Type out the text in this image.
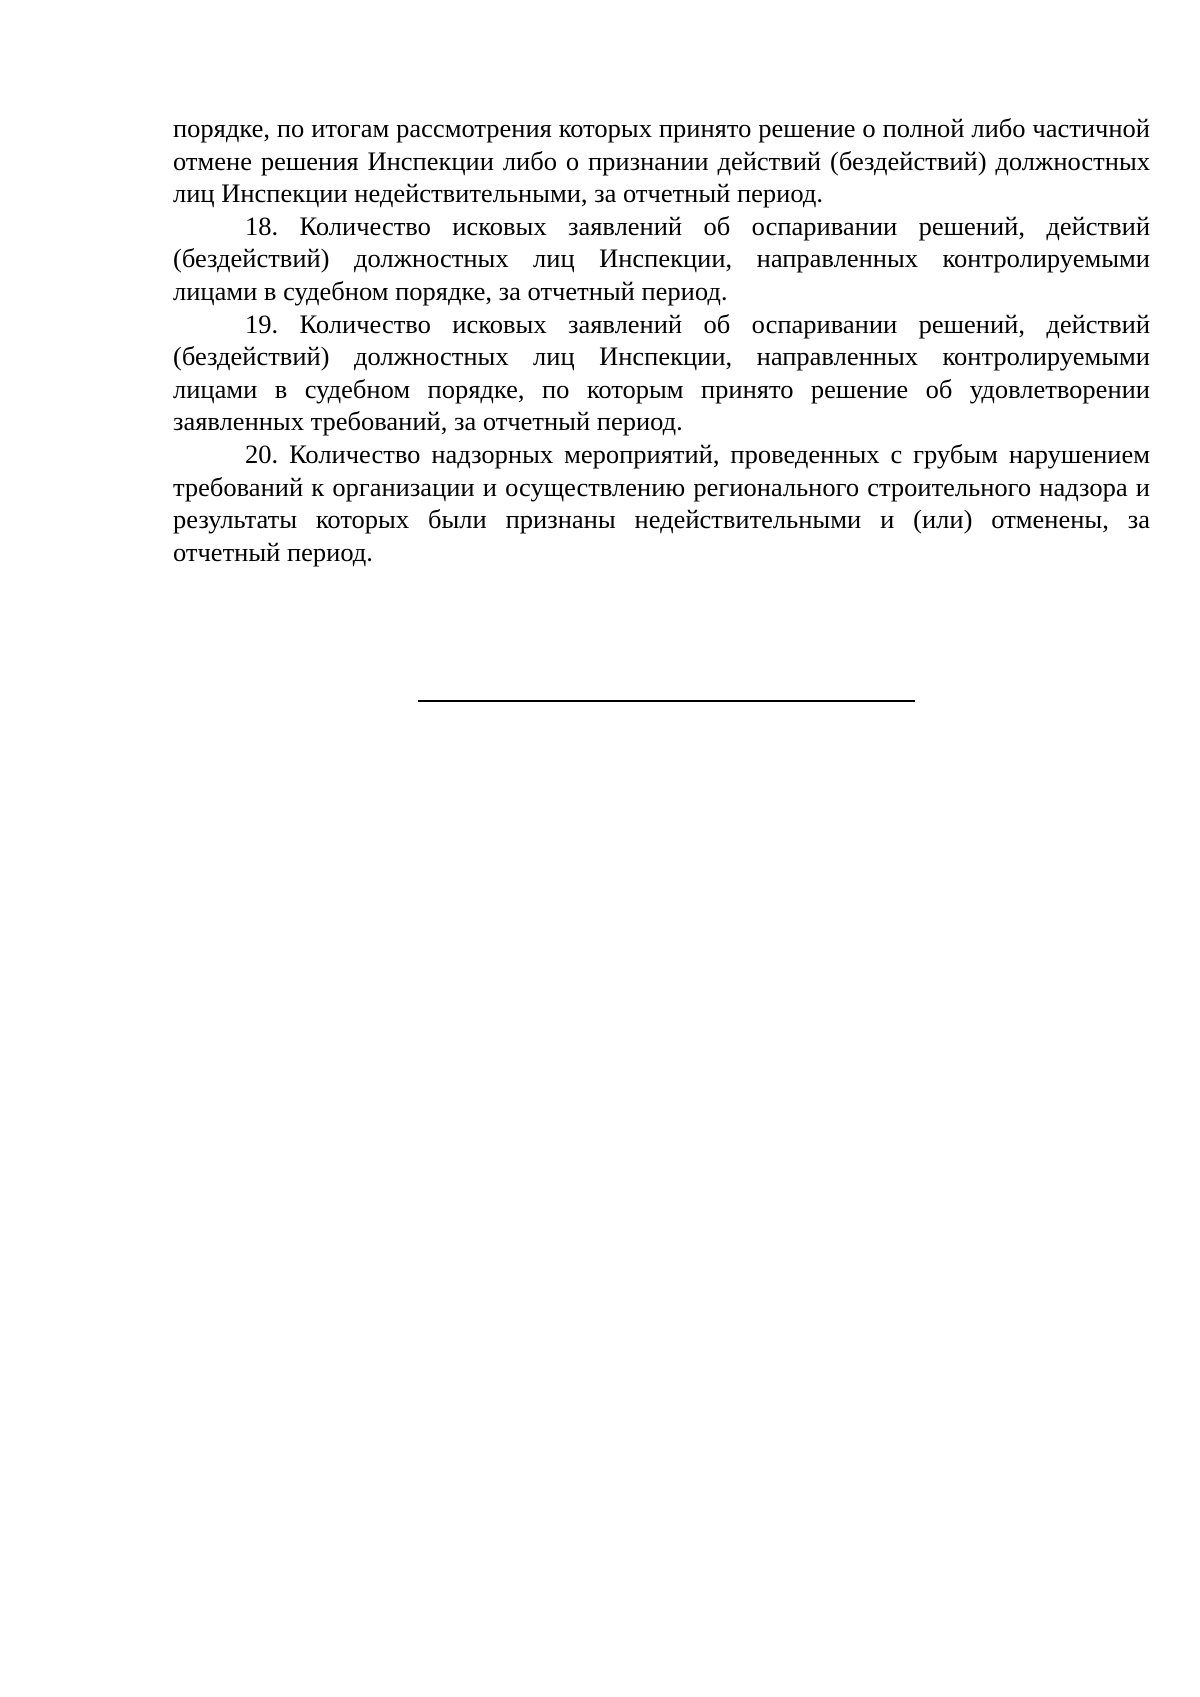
порядке, по итогам рассмотрения которых принято решение о полной либо частичной отмене решения Инспекции либо о признании действий (бездействий) должностных лиц Инспекции недействительными, за отчетный период.

18. Количество исковых заявлений об оспаривании решений, действий (бездействий) должностных лиц Инспекции, направленных контролируемыми лицами в судебном порядке, за отчетный период.

19. Количество исковых заявлений об оспаривании решений, действий (бездействий) должностных лиц Инспекции, направленных контролируемыми лицами в судебном порядке, по которым принято решение об удовлетворении заявленных требований, за отчетный период.

20. Количество надзорных мероприятий, проведенных с грубым нарушением требований к организации и осуществлению регионального строительного надзора и результаты которых были признаны недействительными и (или) отменены, за отчетный период.
